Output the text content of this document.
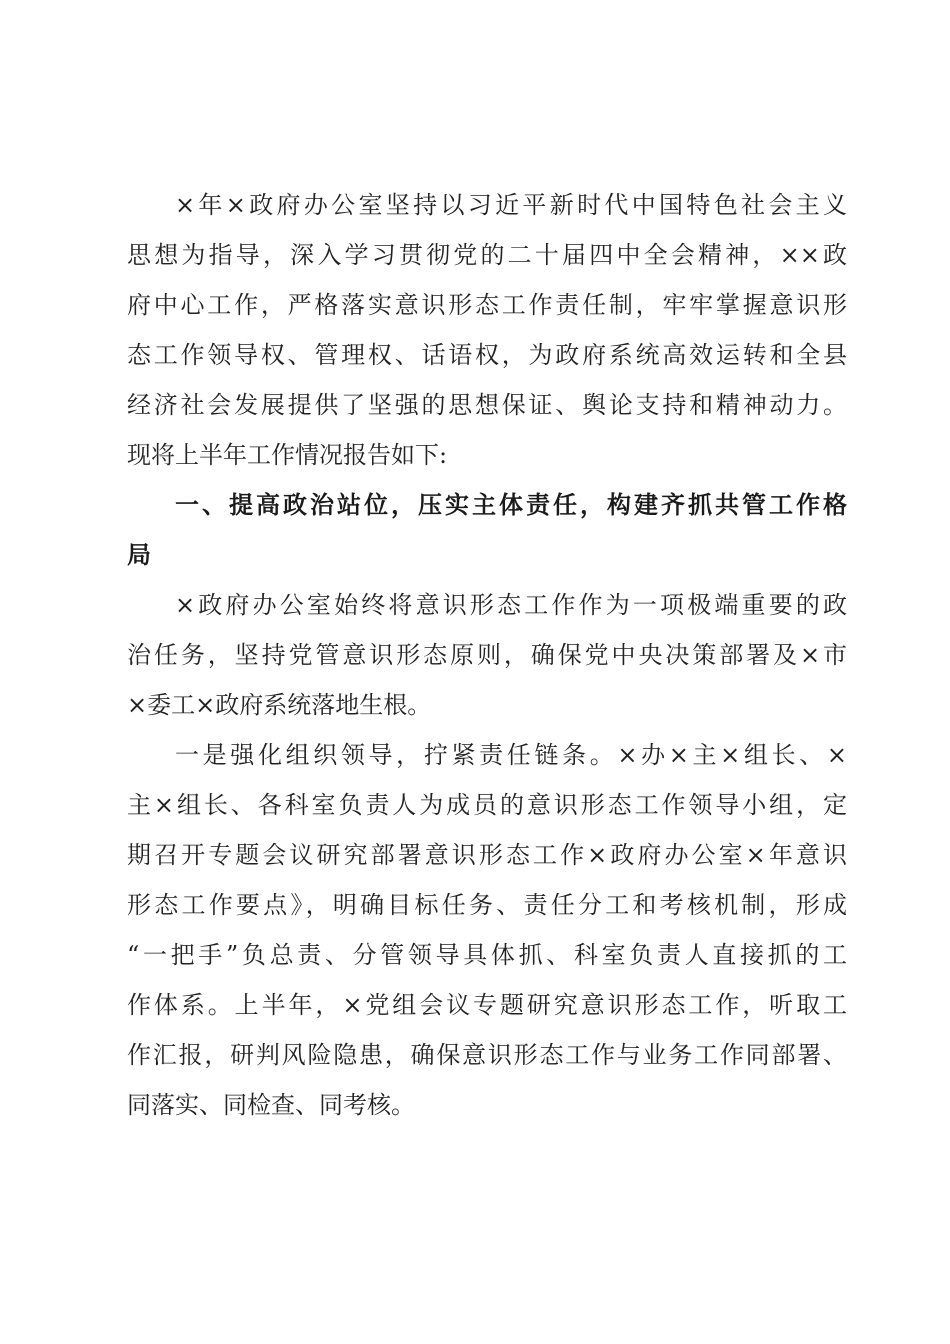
×年×政府办公室坚持以习近平新时代中国特色社会主义
思想为指导，深入学习贯彻党的二十届四中全会精神，××政
府中心工作，严格落实意识形态工作责任制，牢牢掌握意识形
态工作领导权、管理权、话语权，为政府系统高效运转和全县
经济社会发展提供了坚强的思想保证、舆论支持和精神动力。
现将上半年工作情况报告如下:
一、提高政治站位，压实主体责任，构建齐抓共管工作格
局
×政府办公室始终将意识形态工作作为一项极端重要的政
治任务，坚持党管意识形态原则，确保党中央决策部署及×市
×委工×政府系统落地生根。
一是强化组织领导，拧紧责任链条。×办×主×组长、×
主×组长、各科室负责人为成员的意识形态工作领导小组，定
期召开专题会议研究部署意识形态工作×政府办公室×年意识
形态工作要点》，明确目标任务、责任分工和考核机制，形成
“一把手”负总责、分管领导具体抓、科室负责人直接抓的工
作体系。上半年，×党组会议专题研究意识形态工作，听取工
作汇报，研判风险隐患，确保意识形态工作与业务工作同部署、
同落实、同检查、同考核。
